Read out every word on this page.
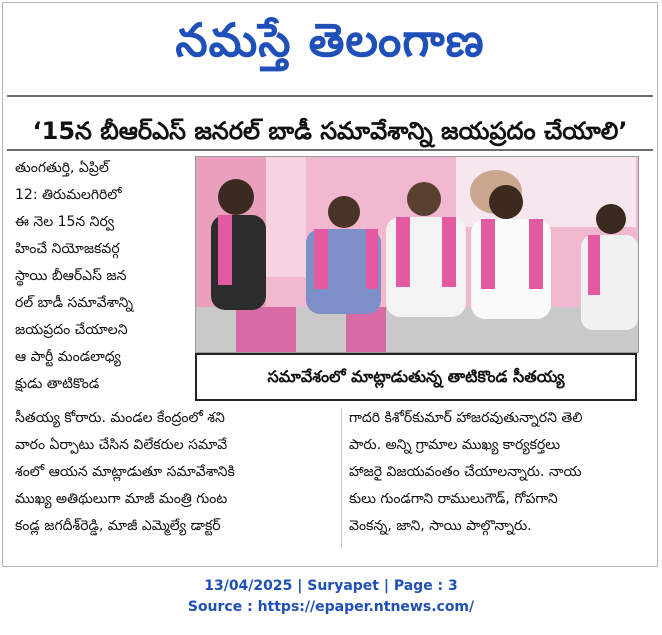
నమస్తే తెలంగాణ
‘15న బీఆర్‌ఎస్‌ జనరల్‌ బాడీ సమావేశాన్ని జయప్రదం చేయాలి’
తుంగతుర్తి, ఏప్రిల్‌
12: తిరుమలగిరిలో
ఈ నెల 15న నిర్వ
హించే నియోజకవర్గ
స్థాయి బీఆర్‌ఎస్‌ జన
రల్‌ బాడీ సమావేశాన్ని
జయప్రదం చేయాలని
ఆ పార్టీ మండలాధ్య
క్షుడు తాటికొండ	సమావేశంలో మాట్లాడుతున్న తాటికొండ సీతయ్య
సీతయ్య కోరారు. మండల కేంద్రంలో శని
వారం ఏర్పాటు చేసిన విలేకరుల సమావే
శంలో ఆయన మాట్లాడుతూ సమావేశానికి
ముఖ్య అతిథులుగా మాజీ మంత్రి గుంట
కండ్ల జగదీశ్‌రెడ్డి, మాజీ ఎమ్మెల్యే డాక్టర్‌
గాదరి కిశోర్‌కుమార్‌ హాజరవుతున్నారని తెలి
పారు. అన్ని గ్రామాల ముఖ్య కార్యకర్తలు
హాజరై విజయవంతం చేయాలన్నారు. నాయ
కులు గుండగాని రాములుగౌడ్‌, గోపగాని
వెంకన్న, జాని, సాయి పాల్గొన్నారు.
13/04/2025 | Suryapet | Page : 3
Source : https://epaper.ntnews.com/
